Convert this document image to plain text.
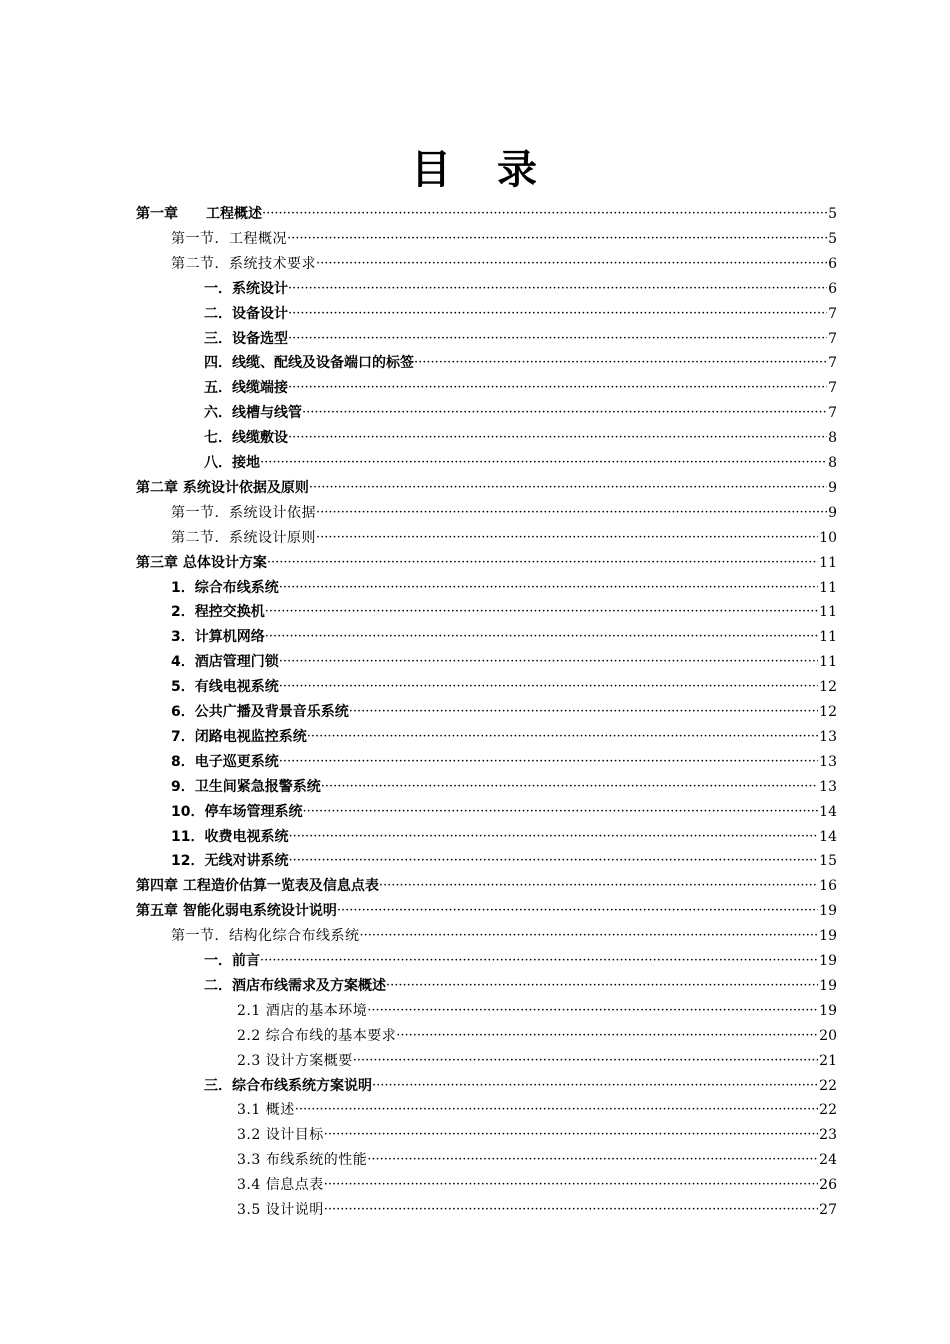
目 录
第一章　　工程概述 ·····	5
第一节．工程概况 ·····	5
第二节．系统技术要求 ·····	6
一．系统设计 ·····	6
二．设备设计 ·····	7
三．设备选型 ·····	7
四．线缆、配线及设备端口的标签 ·····	7
五．线缆端接 ·····	7
六．线槽与线管 ·····	7
七．线缆敷设 ·····	8
八．接地 ·····	8
第二章 系统设计依据及原则 ·····	9
第一节．系统设计依据 ·····	9
第二节．系统设计原则 ·····	10
第三章 总体设计方案 ·····	11
1．综合布线系统 ·····	11
2．程控交换机 ·····	11
3．计算机网络 ·····	11
4．酒店管理门锁 ·····	11
5．有线电视系统 ·····	12
6．公共广播及背景音乐系统 ·····	12
7．闭路电视监控系统 ·····	13
8．电子巡更系统 ·····	13
9．卫生间紧急报警系统 ·····	13
10．停车场管理系统 ·····	14
11．收费电视系统 ·····	14
12．无线对讲系统 ·····	15
第四章 工程造价估算一览表及信息点表 ·····	16
第五章 智能化弱电系统设计说明 ·····	19
第一节．结构化综合布线系统 ·····	19
一．前言 ·····	19
二．酒店布线需求及方案概述 ·····	19
2.1 酒店的基本环境 ·····	19
2.2 综合布线的基本要求 ·····	20
2.3 设计方案概要 ·····	21
三．综合布线系统方案说明 ·····	22
3.1 概述 ·····	22
3.2 设计目标 ·····	23
3.3 布线系统的性能 ·····	24
3.4 信息点表 ·····	26
3.5 设计说明 ·····	27
